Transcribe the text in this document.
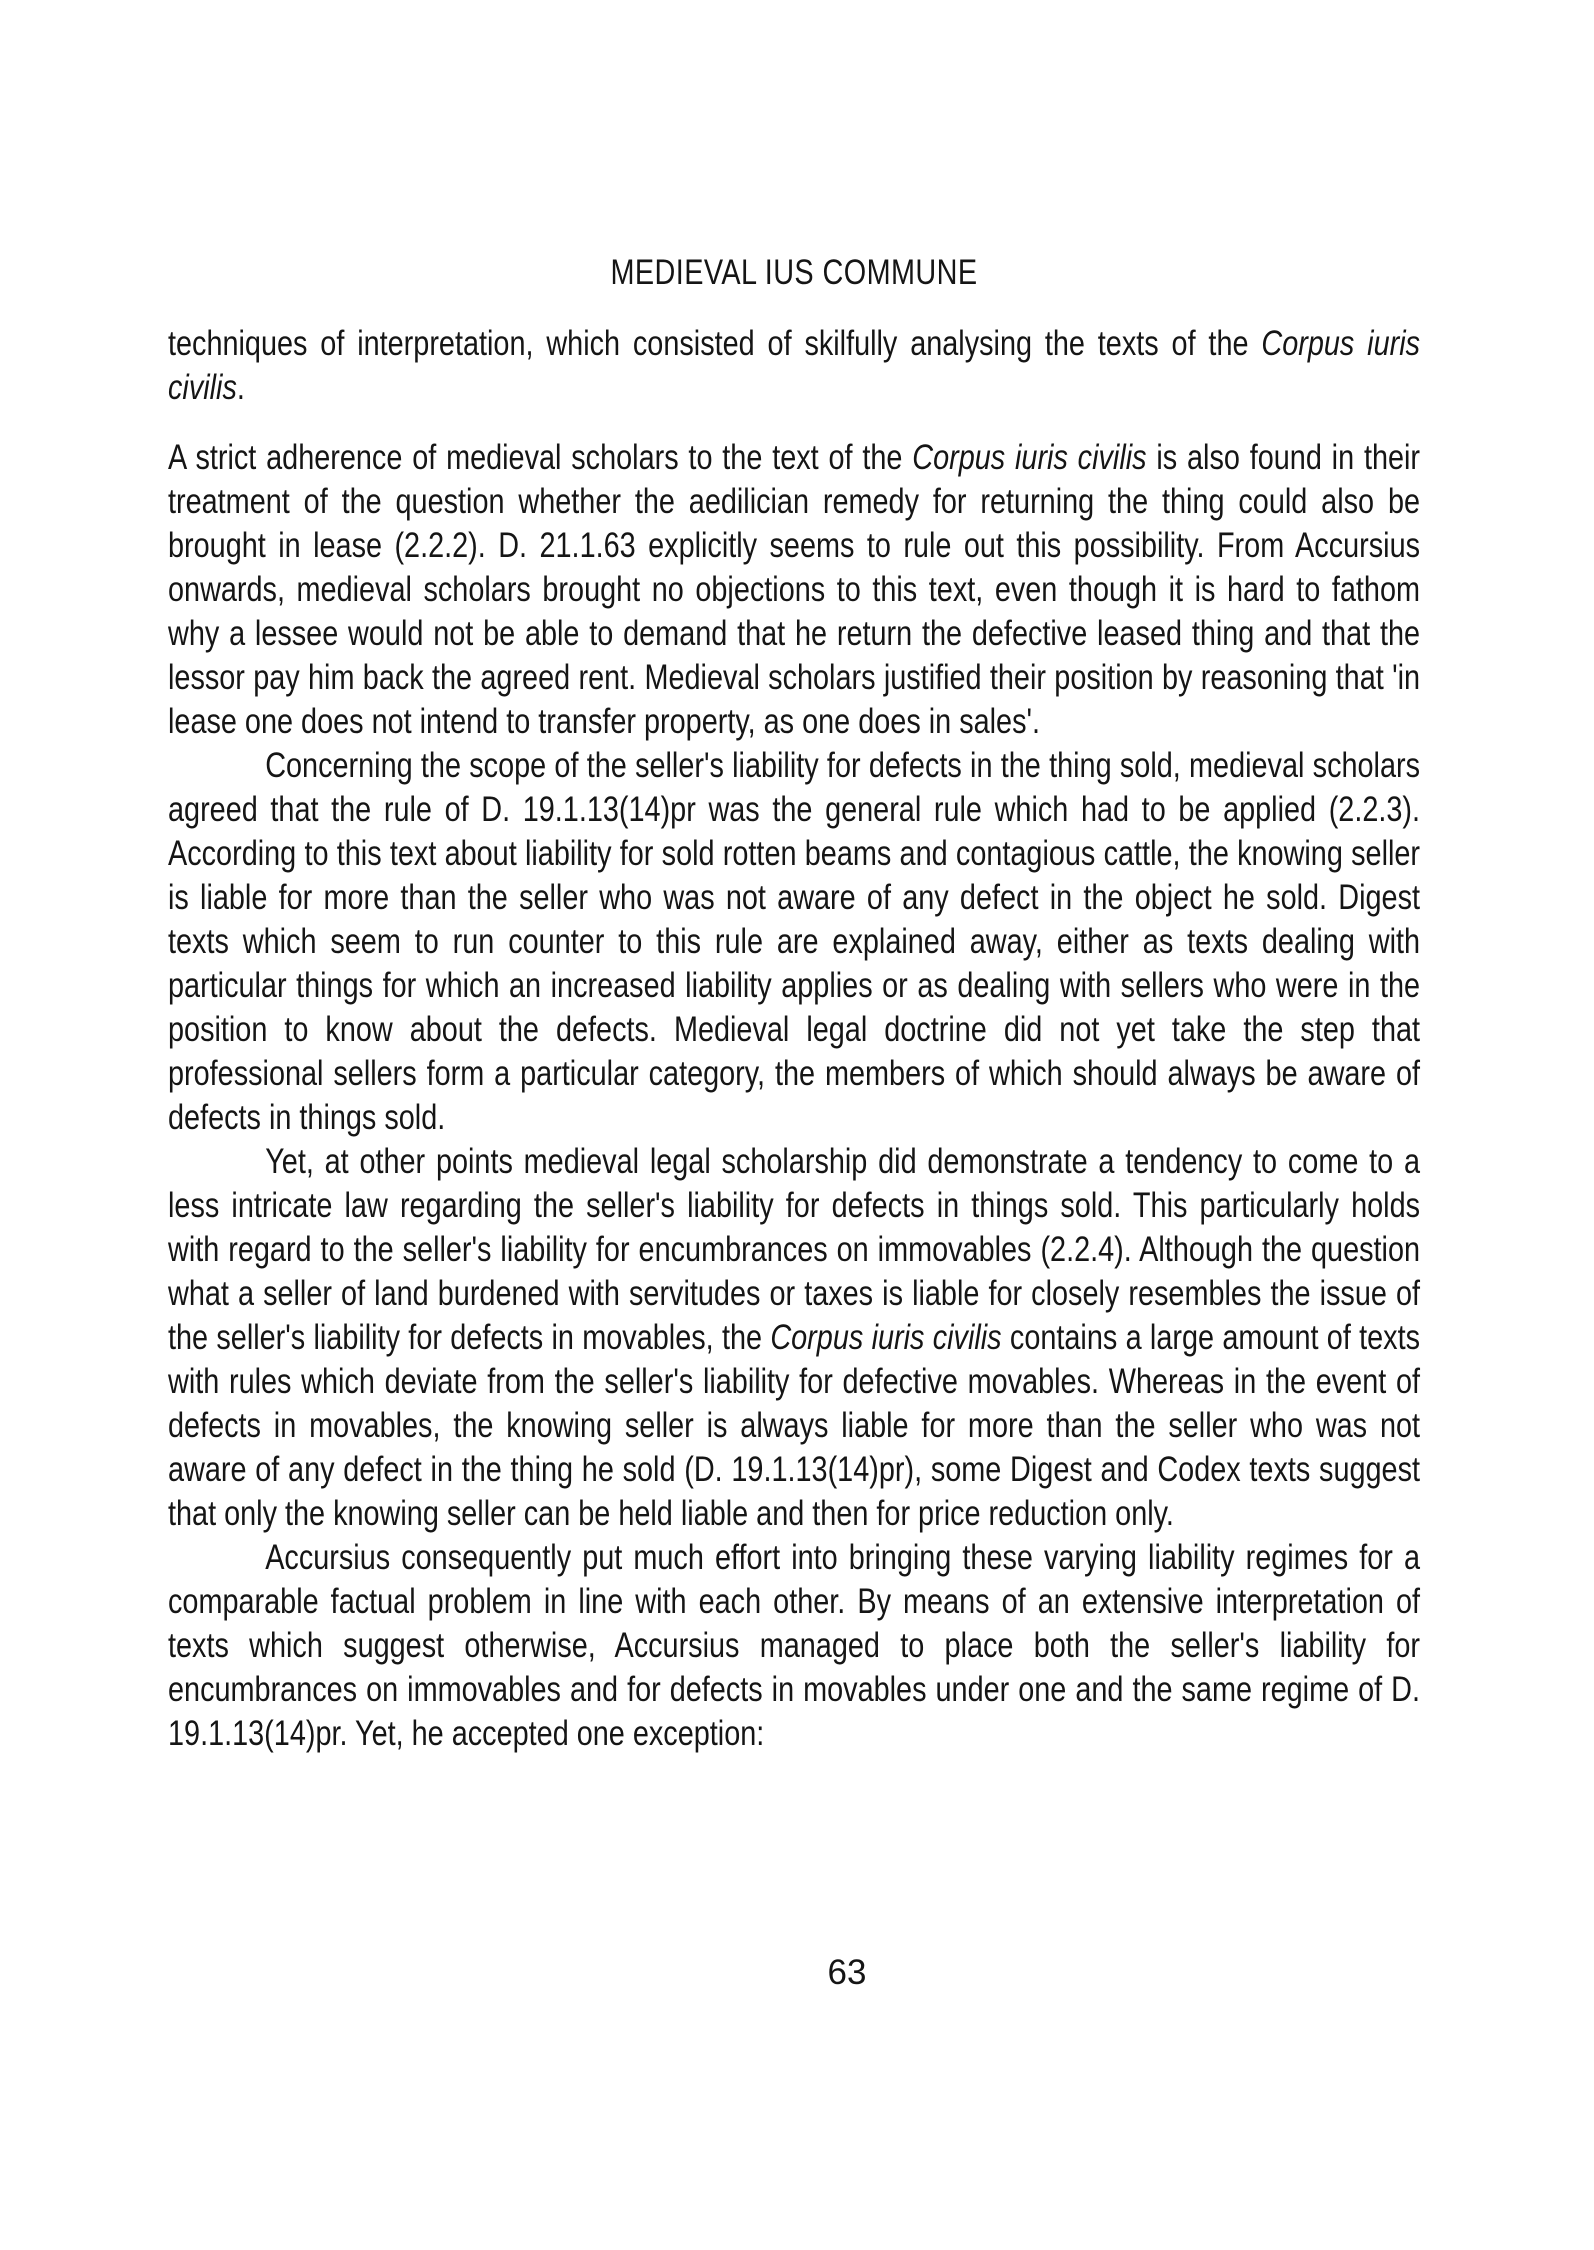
MEDIEVAL IUS COMMUNE

techniques of interpretation, which consisted of skilfully analysing the texts of the Corpus iuris civilis.

A strict adherence of medieval scholars to the text of the Corpus iuris civilis is also found in their treatment of the question whether the aedilician remedy for returning the thing could also be brought in lease (2.2.2). D. 21.1.63 explicitly seems to rule out this possibility. From Accursius onwards, medieval scholars brought no objections to this text, even though it is hard to fathom why a lessee would not be able to demand that he return the defective leased thing and that the lessor pay him back the agreed rent. Medieval scholars justified their position by reasoning that 'in lease one does not intend to transfer property, as one does in sales'.

Concerning the scope of the seller's liability for defects in the thing sold, medieval scholars agreed that the rule of D. 19.1.13(14)pr was the general rule which had to be applied (2.2.3). According to this text about liability for sold rotten beams and contagious cattle, the knowing seller is liable for more than the seller who was not aware of any defect in the object he sold. Digest texts which seem to run counter to this rule are explained away, either as texts dealing with particular things for which an increased liability applies or as dealing with sellers who were in the position to know about the defects. Medieval legal doctrine did not yet take the step that professional sellers form a particular category, the members of which should always be aware of defects in things sold.

Yet, at other points medieval legal scholarship did demonstrate a tendency to come to a less intricate law regarding the seller's liability for defects in things sold. This particularly holds with regard to the seller's liability for encumbrances on immovables (2.2.4). Although the question what a seller of land burdened with servitudes or taxes is liable for closely resembles the issue of the seller's liability for defects in movables, the Corpus iuris civilis contains a large amount of texts with rules which deviate from the seller's liability for defective movables. Whereas in the event of defects in movables, the knowing seller is always liable for more than the seller who was not aware of any defect in the thing he sold (D. 19.1.13(14)pr), some Digest and Codex texts suggest that only the knowing seller can be held liable and then for price reduction only.

Accursius consequently put much effort into bringing these varying liability regimes for a comparable factual problem in line with each other. By means of an extensive interpretation of texts which suggest otherwise, Accursius managed to place both the seller's liability for encumbrances on immovables and for defects in movables under one and the same regime of D. 19.1.13(14)pr. Yet, he accepted one exception:

63
